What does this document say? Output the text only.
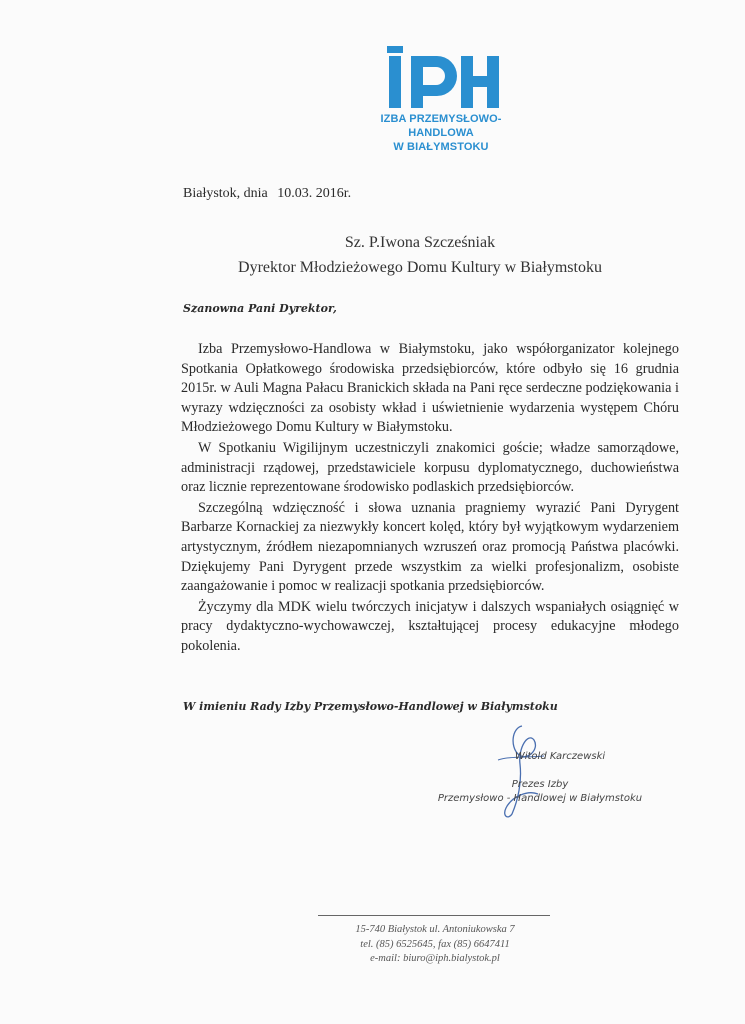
IZBA PRZEMYSŁOWO-HANDLOWA
W BIAŁYMSTOKU
Białystok, dnia 10.03. 2016r.
Sz. P.Iwona Szcześniak
Dyrektor Młodzieżowego Domu Kultury w Białymstoku
Szanowna Pani Dyrektor,

Izba Przemysłowo-Handlowa w Białymstoku, jako współorganizator kolejnego Spotkania Opłatkowego środowiska przedsiębiorców, które odbyło się 16 grudnia 2015r. w Auli Magna Pałacu Branickich składa na Pani ręce serdeczne podziękowania i wyrazy wdzięczności za osobisty wkład i uświetnienie wydarzenia występem Chóru Młodzieżowego Domu Kultury w Białymstoku.

W Spotkaniu Wigilijnym uczestniczyli znakomici goście; władze samorządowe, administracji rządowej, przedstawiciele korpusu dyplomatycznego, duchowieństwa oraz licznie reprezentowane środowisko podlaskich przedsiębiorców.

Szczególną wdzięczność i słowa uznania pragniemy wyrazić Pani Dyrygent Barbarze Kornackiej za niezwykły koncert kolęd, który był wyjątkowym wydarzeniem artystycznym, źródłem niezapomnianych wzruszeń oraz promocją Państwa placówki. Dziękujemy Pani Dyrygent przede wszystkim za wielki profesjonalizm, osobiste zaangażowanie i pomoc w realizacji spotkania przedsiębiorców.

Życzymy dla MDK wielu twórczych inicjatyw i dalszych wspaniałych osiągnięć w pracy dydaktyczno-wychowawczej, kształtującej procesy edukacyjne młodego pokolenia.

W imieniu Rady Izby Przemysłowo-Handlowej w Białymstoku
Witold Karczewski
Prezes Izby
Przemysłowo - Handlowej w Białymstoku
15-740 Białystok ul. Antoniukowska 7
tel. (85) 6525645, fax (85) 6647411
e-mail: biuro@iph.bialystok.pl
